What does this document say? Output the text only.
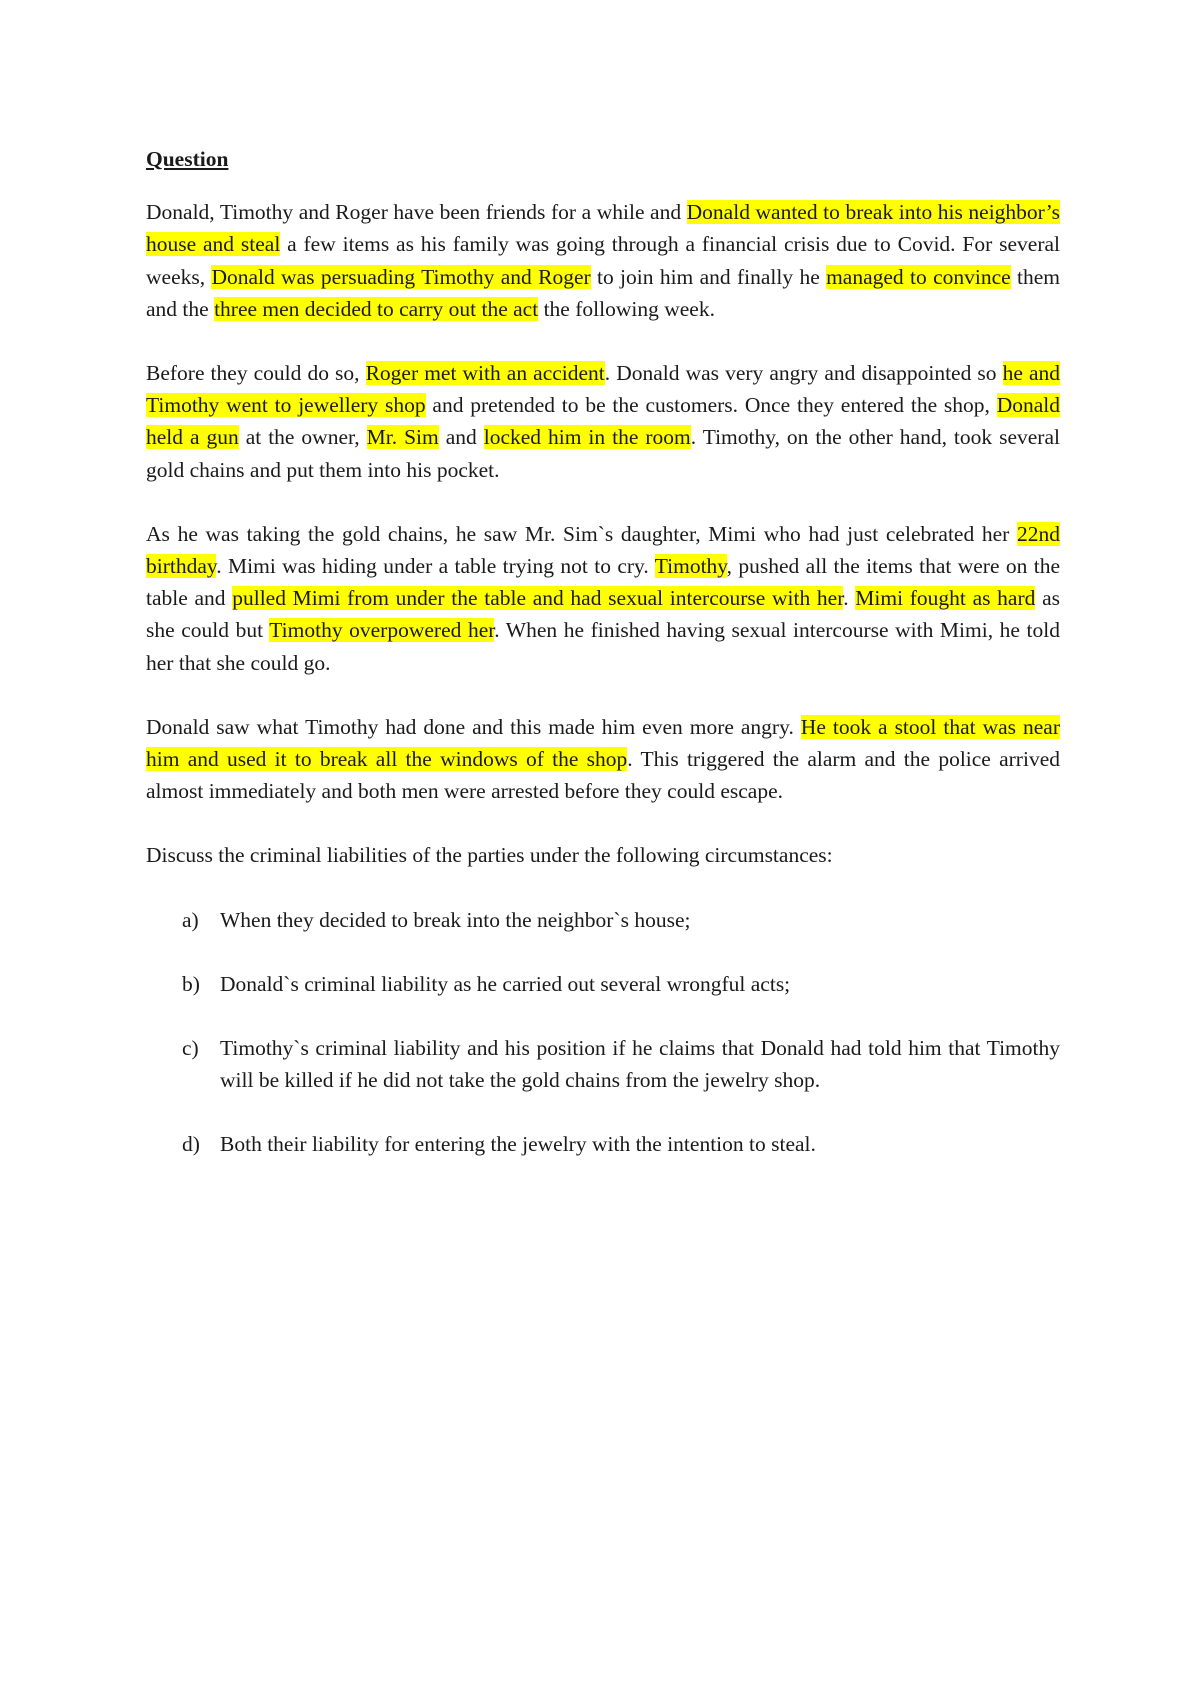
Question
Donald, Timothy and Roger have been friends for a while and Donald wanted to break into his neighbor’s house and steal a few items as his family was going through a financial crisis due to Covid. For several weeks, Donald was persuading Timothy and Roger to join him and finally he managed to convince them and the three men decided to carry out the act the following week.
Before they could do so, Roger met with an accident. Donald was very angry and disappointed so he and Timothy went to jewellery shop and pretended to be the customers. Once they entered the shop, Donald held a gun at the owner, Mr. Sim and locked him in the room. Timothy, on the other hand, took several gold chains and put them into his pocket.
As he was taking the gold chains, he saw Mr. Sim`s daughter, Mimi who had just celebrated her 22nd birthday. Mimi was hiding under a table trying not to cry. Timothy, pushed all the items that were on the table and pulled Mimi from under the table and had sexual intercourse with her. Mimi fought as hard as she could but Timothy overpowered her. When he finished having sexual intercourse with Mimi, he told her that she could go.
Donald saw what Timothy had done and this made him even more angry. He took a stool that was near him and used it to break all the windows of the shop. This triggered the alarm and the police arrived almost immediately and both men were arrested before they could escape.
Discuss the criminal liabilities of the parties under the following circumstances:
a) When they decided to break into the neighbor`s house;
b) Donald`s criminal liability as he carried out several wrongful acts;
c) Timothy`s criminal liability and his position if he claims that Donald had told him that Timothy will be killed if he did not take the gold chains from the jewelry shop.
d) Both their liability for entering the jewelry with the intention to steal.
